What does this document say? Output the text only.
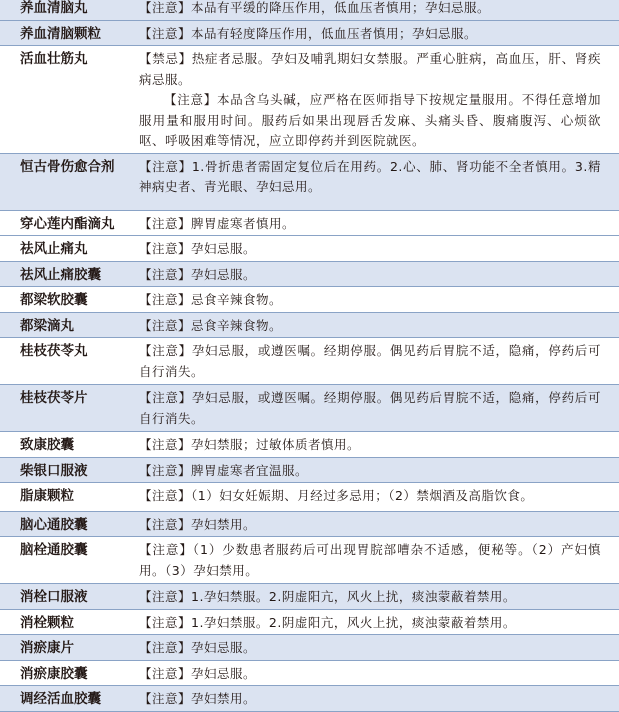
养血清脑丸	【注意】本品有平缓的降压作用，低血压者慎用；孕妇忌服。

养血清脑颗粒	【注意】本品有轻度降压作用，低血压者慎用；孕妇忌服。

活血壮筋丸	【禁忌】热症者忌服。孕妇及哺乳期妇女禁服。严重心脏病，高血压，肝、肾疾病忌服。

【注意】本品含乌头碱，应严格在医师指导下按规定量服用。不得任意增加服用量和服用时间。服药后如果出现唇舌发麻、头痛头昏、腹痛腹泻、心烦欲呕、呼吸困难等情况，应立即停药并到医院就医。

恒古骨伤愈合剂 【注意】1.骨折患者需固定复位后在用药。2.心、肺、肾功能不全者慎用。3.精神病史者、青光眼、孕妇忌用。

穿心莲内酯滴丸 【注意】脾胃虚寒者慎用。

祛风止痛丸	【注意】孕妇忌服。

祛风止痛胶囊	【注意】孕妇忌服。

都梁软胶囊	【注意】忌食辛辣食物。

都梁滴丸	【注意】忌食辛辣食物。

桂枝茯苓丸	【注意】孕妇忌服，或遵医嘱。经期停服。偶见药后胃脘不适，隐痛，停药后可自行消失。

桂枝茯苓片	【注意】孕妇忌服，或遵医嘱。经期停服。偶见药后胃脘不适，隐痛，停药后可自行消失。

致康胶囊	【注意】孕妇禁服；过敏体质者慎用。

柴银口服液	【注意】脾胃虚寒者宜温服。

脂康颗粒	【注意】（1）妇女妊娠期、月经过多忌用；（2）禁烟酒及高脂饮食。

脑心通胶囊	【注意】孕妇禁用。

脑栓通胶囊	【注意】（1）少数患者服药后可出现胃脘部嘈杂不适感，便秘等。（2）产妇慎用。（3）孕妇禁用。

消栓口服液	【注意】1.孕妇禁服。2.阴虚阳亢，风火上扰，痰浊蒙蔽着禁用。

消栓颗粒	【注意】1.孕妇禁服。2.阴虚阳亢，风火上扰，痰浊蒙蔽着禁用。

消瘀康片	【注意】孕妇忌服。

消瘀康胶囊	【注意】孕妇忌服。

调经活血胶囊	【注意】孕妇禁用。
